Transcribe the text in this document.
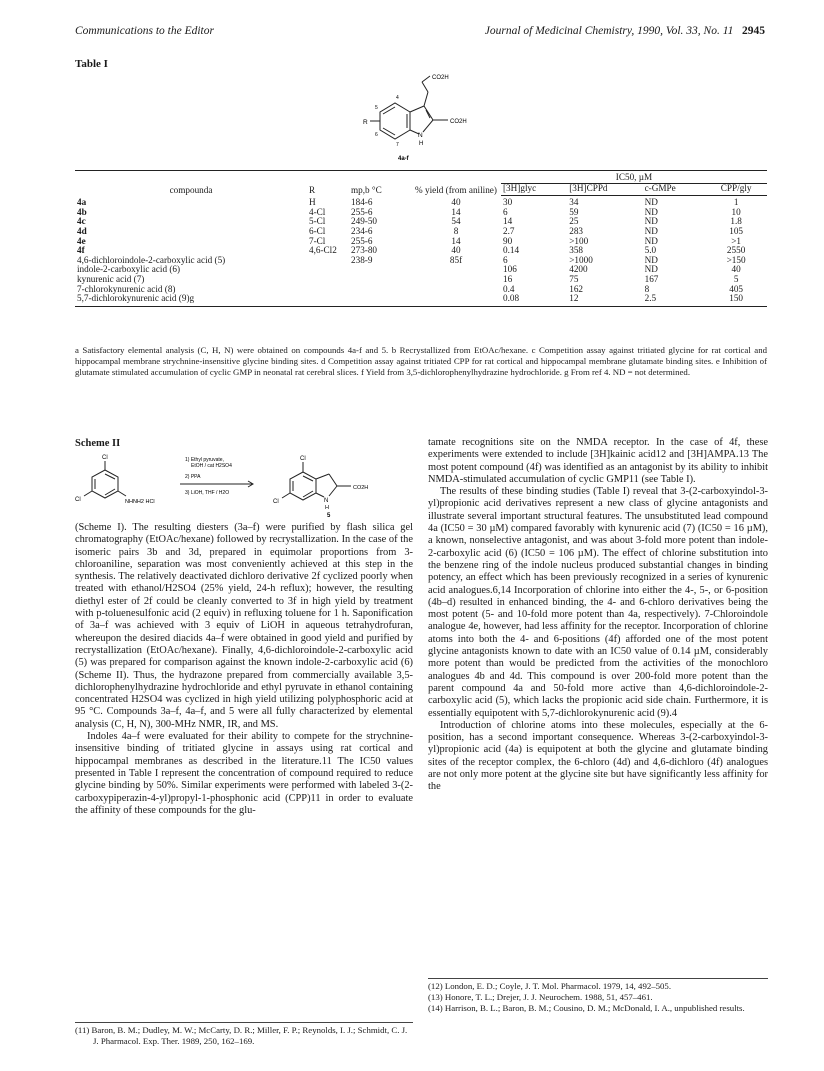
Communications to the Editor	Journal of Medicinal Chemistry, 1990, Vol. 33, No. 11 2945
Table I
CO2H
CO2H
N
H
R
4
5
6
7
4a-f
compounda	R	mp,b °C	% yield (from aniline)	IC50, µM			
				[3H]glyc	[3H]CPPd	c-GMPe	CPP/gly
4a	H	184-6	40	30	34	ND	1
4b	4-Cl	255-6	14	6	59	ND	10
4c	5-Cl	249-50	54	14	25	ND	1.8
4d	6-Cl	234-6	8	2.7	283	ND	105
4e	7-Cl	255-6	14	90	>100	ND	>1
4f	4,6-Cl2	273-80	40	0.14	358	5.0	2550
4,6-dichloroindole-2-carboxylic acid (5)		238-9	85f	6	>1000	ND	>150
indole-2-carboxylic acid (6)				106	4200	ND	40
kynurenic acid (7)				16	75	167	5
7-chlorokynurenic acid (8)				0.4	162	8	405
5,7-dichlorokynurenic acid (9)g				0.08	12	2.5	150
a Satisfactory elemental analysis (C, H, N) were obtained on compounds 4a-f and 5. b Recrystallized from EtOAc/hexane. c Competition assay against tritiated glycine for rat cortical and hippocampal membrane strychnine-insensitive glycine binding sites. d Competition assay against tritiated CPP for rat cortical and hippocampal membrane glutamate binding sites. e Inhibition of glutamate stimulated accumulation of cyclic GMP in neonatal rat cerebral slices. f Yield from 3,5-dichlorophenylhydrazine hydrochloride. g From ref 4. ND = not determined.
Scheme II
Cl
Cl	NHNH2 HCl
1) Ethyl pyruvate,
EtOH / cat H2SO4
2) PPA
3) LiOH, THF / H2O
Cl
Cl
CO2H
N
H
5

(Scheme I). The resulting diesters (3a–f) were purified by flash silica gel chromatography (EtOAc/hexane) followed by recrystallization. In the case of the isomeric pairs 3b and 3d, prepared in equimolar proportions from 3-chloroaniline, separation was most conveniently achieved at this step in the synthesis. The relatively deactivated dichloro derivative 2f cyclized poorly when treated with ethanol/H2SO4 (25% yield, 24-h reflux); however, the resulting diethyl ester of 2f could be cleanly converted to 3f in high yield by treatment with p-toluenesulfonic acid (2 equiv) in refluxing toluene for 1 h. Saponification of 3a–f was achieved with 3 equiv of LiOH in aqueous tetrahydrofuran, whereupon the desired diacids 4a–f were obtained in good yield and purified by recrystallization (EtOAc/hexane). Finally, 4,6-dichloroindole-2-carboxylic acid (5) was prepared for comparison against the known indole-2-carboxylic acid (6) (Scheme II). Thus, the hydrazone prepared from commercially available 3,5-dichlorophenylhydrazine hydrochloride and ethyl pyruvate in ethanol containing concentrated H2SO4 was cyclized in high yield utilizing polyphosphoric acid at 95 °C. Compounds 3a–f, 4a–f, and 5 were all fully characterized by elemental analysis (C, H, N), 300-MHz NMR, IR, and MS.

Indoles 4a–f were evaluated for their ability to compete for the strychnine-insensitive binding of tritiated glycine in assays using rat cortical and hippocampal membranes as described in the literature.11 The IC50 values presented in Table I represent the concentration of compound required to reduce glycine binding by 50%. Similar experiments were performed with labeled 3-(2-carboxypiperazin-4-yl)propyl-1-phosphonic acid (CPP)11 in order to evaluate the affinity of these compounds for the glu-

tamate recognitions site on the NMDA receptor. In the case of 4f, these experiments were extended to include [3H]kainic acid12 and [3H]AMPA.13 The most potent compound (4f) was identified as an antagonist by its ability to inhibit NMDA-stimulated accumulation of cyclic GMP11 (see Table I).

The results of these binding studies (Table I) reveal that 3-(2-carboxyindol-3-yl)propionic acid derivatives represent a new class of glycine antagonists and illustrate several important structural features. The unsubstituted lead compound 4a (IC50 = 30 µM) compared favorably with kynurenic acid (7) (IC50 = 16 µM), a known, nonselective antagonist, and was about 3-fold more potent than indole-2-carboxylic acid (6) (IC50 = 106 µM). The effect of chlorine substitution into the benzene ring of the indole nucleus produced substantial changes in binding potency, an effect which has been previously recognized in a series of kynurenic acid analogues.6,14 Incorporation of chlorine into either the 4-, 5-, or 6-position (4b–d) resulted in enhanced binding, the 4- and 6-chloro derivatives being the most potent (5- and 10-fold more potent than 4a, respectively). 7-Chloroindole analogue 4e, however, had less affinity for the receptor. Incorporation of chlorine atoms into both the 4- and 6-positions (4f) afforded one of the most potent glycine antagonists known to date with an IC50 value of 0.14 µM, considerably more potent than would be predicted from the activities of the monochloro analogues 4b and 4d. This compound is over 200-fold more potent than the parent compound 4a and 50-fold more active than 4,6-dichloroindole-2-carboxylic acid (5), which lacks the propionic acid side chain. Furthermore, it is essentially equipotent with 5,7-dichlorokynurenic acid (9).4

Introduction of chlorine atoms into these molecules, especially at the 6-position, has a second important consequence. Whereas 3-(2-carboxyindol-3-yl)propionic acid (4a) is equipotent at both the glycine and glutamate binding sites of the receptor complex, the 6-chloro (4d) and 4,6-dichloro (4f) analogues are not only more potent at the glycine site but have significantly less affinity for the

(11) Baron, B. M.; Dudley, M. W.; McCarty, D. R.; Miller, F. P.; Reynolds, I. J.; Schmidt, C. J. J. Pharmacol. Exp. Ther. 1989, 250, 162–169.
(12) London, E. D.; Coyle, J. T. Mol. Pharmacol. 1979, 14, 492–505.
(13) Honore, T. L.; Drejer, J. J. Neurochem. 1988, 51, 457–461.
(14) Harrison, B. L.; Baron, B. M.; Cousino, D. M.; McDonald, I. A., unpublished results.
